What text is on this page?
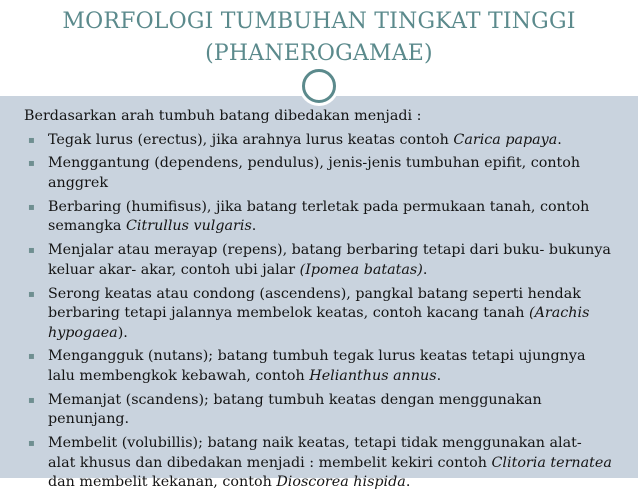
MORFOLOGI TUMBUHAN TINGKAT TINGGI
(PHANEROGAMAE)

Berdasarkan arah tumbuh batang dibedakan menjadi :

▪ Tegak lurus (erectus), jika arahnya lurus keatas contoh Carica papaya.
▪ Menggantung (dependens, pendulus), jenis-jenis tumbuhan epifit, contoh anggrek
▪ Berbaring (humifisus), jika batang terletak pada permukaan tanah, contoh semangka Citrullus vulgaris.
▪ Menjalar atau merayap (repens), batang berbaring tetapi dari buku- bukunya keluar akar- akar, contoh ubi jalar (Ipomea batatas).
▪ Serong keatas atau condong (ascendens), pangkal batang seperti hendak berbaring tetapi jalannya membelok keatas, contoh kacang tanah (Arachis hypogaea).
▪ Mengangguk (nutans); batang tumbuh tegak lurus keatas tetapi ujungnya lalu membengkok kebawah, contoh Helianthus annus.
▪ Memanjat (scandens); batang tumbuh keatas dengan menggunakan penunjang.
▪ Membelit (volubillis); batang naik keatas, tetapi tidak menggunakan alat- alat khusus dan dibedakan menjadi : membelit kekiri contoh Clitoria ternatea dan membelit kekanan, contoh Dioscorea hispida.
